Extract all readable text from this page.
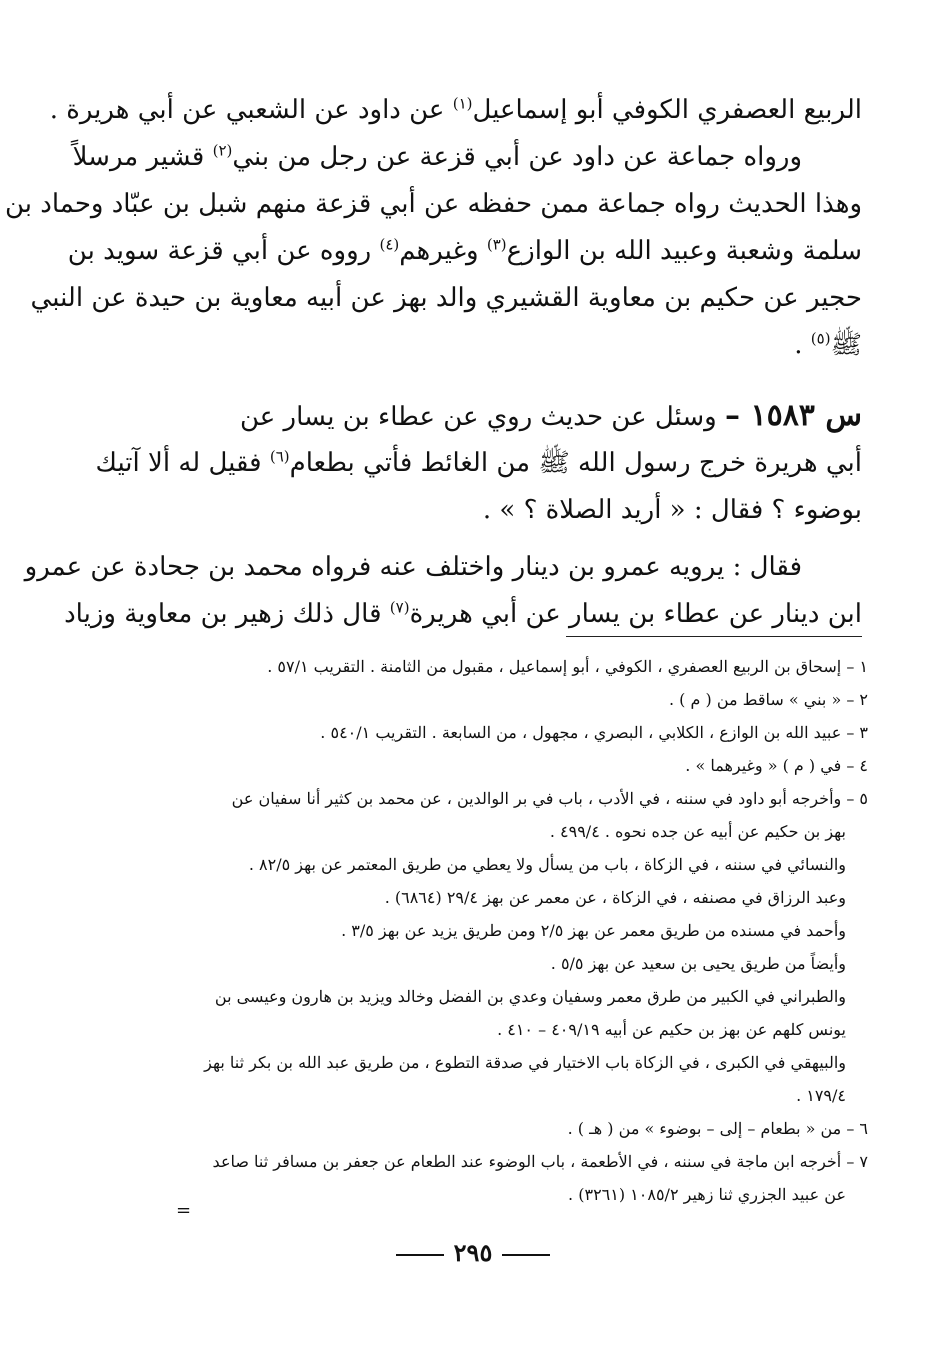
الربيع العصفري الكوفي أبو إسماعيل$^{(١)}$ عن داود عن الشعبي عن أبي هريرة .
ورواه جماعة عن داود عن أبي قزعة عن رجل من بني$^{(٢)}$ قشير مرسلاً
وهذا الحديث رواه جماعة ممن حفظه عن أبي قزعة منهم شبل بن عبّاد وحماد بن
سلمة وشعبة وعبيد الله بن الوازع$^{(٣)}$ وغيرهم$^{(٤)}$ رووه عن أبي قزعة سويد بن
حجير عن حكيم بن معاوية القشيري والد بهز عن أبيه معاوية بن حيدة عن النبي
ﷺ$^{(٥)}$ .
س ١٥٨٣ – وسئل عن حديث روي عن عطاء بن يسار عن
أبي هريرة خرج رسول الله ﷺ من الغائط فأتي بطعام$^{(٦)}$ فقيل له ألا آتيك
بوضوء ؟ فقال : « أريد الصلاة ؟ » .
فقال : يرويه عمرو بن دينار واختلف عنه فرواه محمد بن جحادة عن عمرو
ابن دينار عن عطاء بن يسار عن أبي هريرة$^{(٧)}$ قال ذلك زهير بن معاوية وزياد
١ – إسحاق بن الربيع العصفري ، الكوفي ، أبو إسماعيل ، مقبول من الثامنة . التقريب ٥٧/١ .
٢ – « بني » ساقط من ( م ) .
٣ – عبيد الله بن الوازع ، الكلابي ، البصري ، مجهول ، من السابعة . التقريب ٥٤٠/١ .
٤ – في ( م ) « وغيرهما » .
٥ – وأخرجه أبو داود في سننه ، في الأدب ، باب في بر الوالدين ، عن محمد بن كثير أنا سفيان عن
بهز بن حكيم عن أبيه عن جده نحوه . ٤٩٩/٤ .
والنسائي في سننه ، في الزكاة ، باب من يسأل ولا يعطي من طريق المعتمر عن بهز ٨٢/٥ .
وعبد الرزاق في مصنفه ، في الزكاة ، عن معمر عن بهز ٢٩/٤ (٦٨٦٤) .
وأحمد في مسنده من طريق معمر عن بهز ٢/٥ ومن طريق يزيد عن بهز ٣/٥ .
وأيضاً من طريق يحيى بن سعيد عن بهز ٥/٥ .
والطبراني في الكبير من طرق معمر وسفيان وعدي بن الفضل وخالد ويزيد بن هارون وعيسى بن
يونس كلهم عن بهز بن حكيم عن أبيه ٤٠٩/١٩ – ٤١٠ .
والبيهقي في الكبرى ، في الزكاة باب الاختيار في صدقة التطوع ، من طريق عبد الله بن بكر ثنا بهز
١٧٩/٤ .
٦ – من « بطعام – إلى – بوضوء » من ( هـ ) .
٧ – أخرجه ابن ماجة في سننه ، في الأطعمة ، باب الوضوء عند الطعام عن جعفر بن مسافر ثنا صاعد
عن عبيد الجزري ثنا زهير ١٠٨٥/٢ (٣٢٦١) .
=
٢٩٥
